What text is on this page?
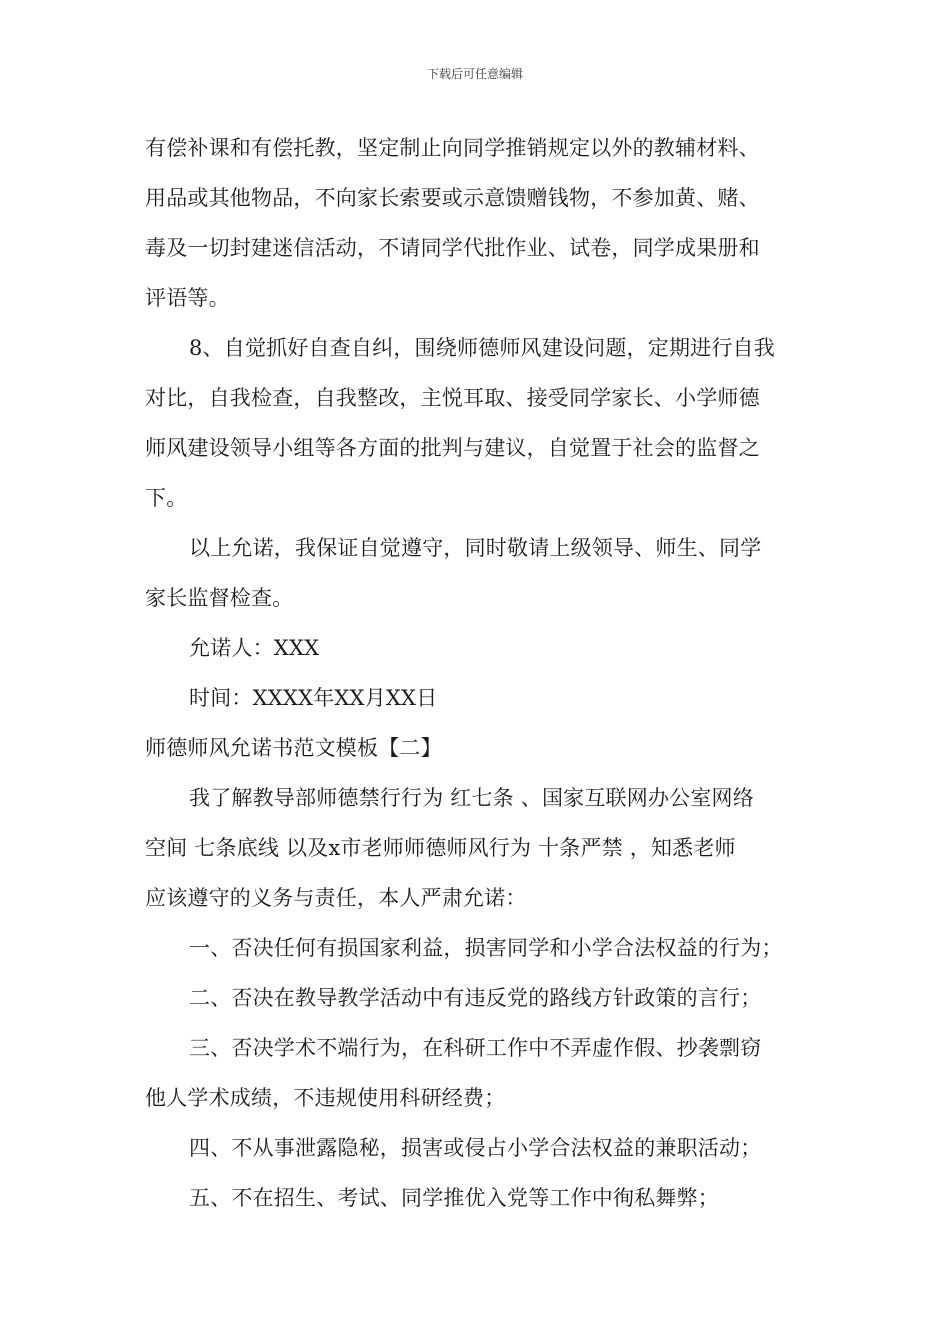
下载后可任意编辑
有偿补课和有偿托教，坚定制止向同学推销规定以外的教辅材料、
用品或其他物品，不向家长索要或示意馈赠钱物，不参加黄、赌、
毒及一切封建迷信活动，不请同学代批作业、试卷，同学成果册和
评语等。
8、自觉抓好自查自纠，围绕师德师风建设问题，定期进行自我
对比，自我检查，自我整改，主悦耳取、接受同学家长、小学师德
师风建设领导小组等各方面的批判与建议，自觉置于社会的监督之
下。
以上允诺，我保证自觉遵守，同时敬请上级领导、师生、同学
家长监督检查。
允诺人：XXX
时间：XXXX年XX月XX日
师德师风允诺书范文模板【二】
我了解教导部师德禁行行为 红七条 、国家互联网办公室网络
空间 七条底线 以及x市老师师德师风行为 十条严禁 ，知悉老师
应该遵守的义务与责任，本人严肃允诺：
一、否决任何有损国家利益，损害同学和小学合法权益的行为；
二、否决在教导教学活动中有违反党的路线方针政策的言行；
三、否决学术不端行为，在科研工作中不弄虚作假、抄袭剽窃
他人学术成绩，不违规使用科研经费；
四、不从事泄露隐秘，损害或侵占小学合法权益的兼职活动；
五、不在招生、考试、同学推优入党等工作中徇私舞弊；
